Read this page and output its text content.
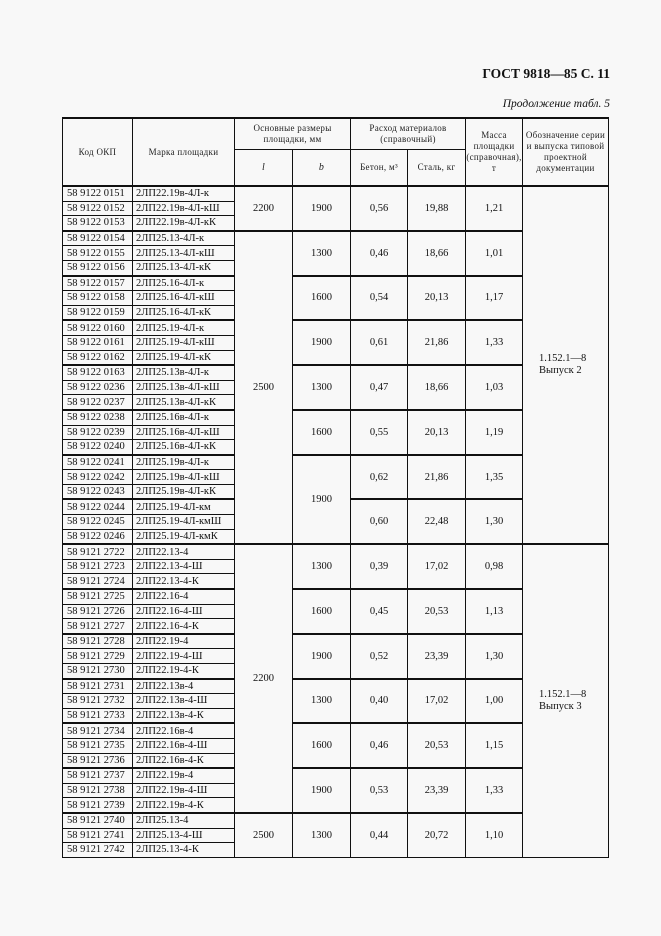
ГОСТ 9818—85 С. 11
Продолжение табл. 5
Код ОКП	Марка площадки	Основные размеры площадки, мм		Расход материалов (справочный)		Масса площадки (справочная), т	Обозначение серии и выпуска типовой проектной документации
		l	b	Бетон, м³	Сталь, кг		
58 9122 0151	2ЛП22.19в-4Л-к	2200	1900	0,56	19,88	1,21	1.152.1—8
Выпуск 2
58 9122 0152	2ЛП22.19в-4Л-кШ						
58 9122 0153	2ЛП22.19в-4Л-кК						
58 9122 0154	2ЛП25.13-4Л-к	2500	1300	0,46	18,66	1,01	
58 9122 0155	2ЛП25.13-4Л-кШ						
58 9122 0156	2ЛП25.13-4Л-кК						
58 9122 0157	2ЛП25.16-4Л-к		1600	0,54	20,13	1,17	
58 9122 0158	2ЛП25.16-4Л-кШ						
58 9122 0159	2ЛП25.16-4Л-кК						
58 9122 0160	2ЛП25.19-4Л-к		1900	0,61	21,86	1,33	
58 9122 0161	2ЛП25.19-4Л-кШ						
58 9122 0162	2ЛП25.19-4Л-кК						
58 9122 0163	2ЛП25.13в-4Л-к		1300	0,47	18,66	1,03	
58 9122 0236	2ЛП25.13в-4Л-кШ						
58 9122 0237	2ЛП25.13в-4Л-кК						
58 9122 0238	2ЛП25.16в-4Л-к		1600	0,55	20,13	1,19	
58 9122 0239	2ЛП25.16в-4Л-кШ						
58 9122 0240	2ЛП25.16в-4Л-кК						
58 9122 0241	2ЛП25.19в-4Л-к		1900	0,62	21,86	1,35	
58 9122 0242	2ЛП25.19в-4Л-кШ						
58 9122 0243	2ЛП25.19в-4Л-кК						
58 9122 0244	2ЛП25.19-4Л-км			0,60	22,48	1,30	
58 9122 0245	2ЛП25.19-4Л-кмШ						
58 9122 0246	2ЛП25.19-4Л-кмК						
58 9121 2722	2ЛП22.13-4	2200	1300	0,39	17,02	0,98	1.152.1—8
Выпуск 3
58 9121 2723	2ЛП22.13-4-Ш						
58 9121 2724	2ЛП22.13-4-К						
58 9121 2725	2ЛП22.16-4		1600	0,45	20,53	1,13	
58 9121 2726	2ЛП22.16-4-Ш						
58 9121 2727	2ЛП22.16-4-К						
58 9121 2728	2ЛП22.19-4		1900	0,52	23,39	1,30	
58 9121 2729	2ЛП22.19-4-Ш						
58 9121 2730	2ЛП22.19-4-К						
58 9121 2731	2ЛП22.13в-4		1300	0,40	17,02	1,00	
58 9121 2732	2ЛП22.13в-4-Ш						
58 9121 2733	2ЛП22.13в-4-К						
58 9121 2734	2ЛП22.16в-4		1600	0,46	20,53	1,15	
58 9121 2735	2ЛП22.16в-4-Ш						
58 9121 2736	2ЛП22.16в-4-К						
58 9121 2737	2ЛП22.19в-4		1900	0,53	23,39	1,33	
58 9121 2738	2ЛП22.19в-4-Ш						
58 9121 2739	2ЛП22.19в-4-К						
58 9121 2740	2ЛП25.13-4	2500	1300	0,44	20,72	1,10	
58 9121 2741	2ЛП25.13-4-Ш						
58 9121 2742	2ЛП25.13-4-К						
